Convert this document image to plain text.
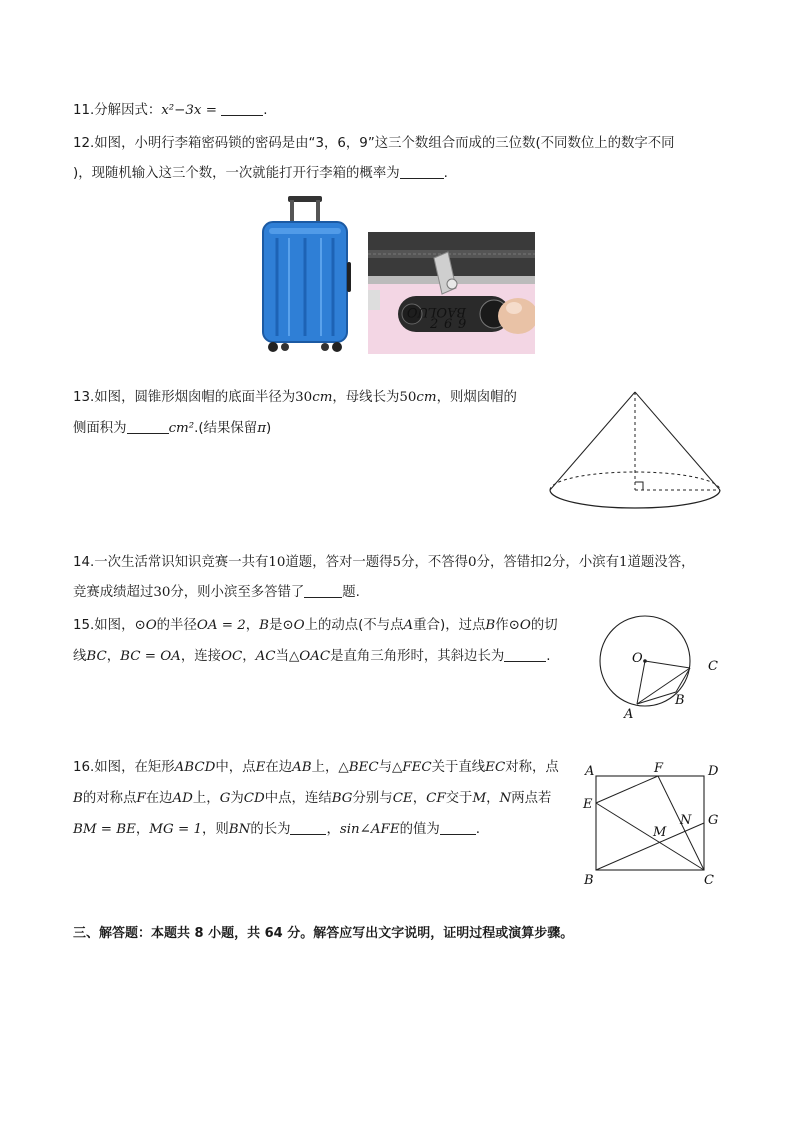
11.分解因式：x²−3x =	.
12.如图，小明行李箱密码锁的密码是由“3，6，9”这三个数组合而成的三位数(不同数位上的数字不同
)，现随机输入这三个数，一次就能打开行李箱的概率为	.
BAOLUO
2 6 9
13.如图，圆锥形烟囱帽的底面半径为30cm，母线长为50cm，则烟囱帽的
侧面积为	cm².(结果保留π)
14.一次生活常识知识竞赛一共有10道题，答对一题得5分，不答得0分，答错扣2分，小滨有1道题没答，
竞赛成绩超过30分，则小滨至多答错了	题.
15.如图，⊙O的半径OA = 2，B是⊙O上的动点(不与点A重合)，过点B作⊙O的切
线BC，BC = OA，连接OC，AC当△OAC是直角三角形时，其斜边长为	.	O
C
B
A
16.如图，在矩形ABCD中，点E在边AB上，△BEC与△FEC关于直线EC对称，点
B的对称点F在边AD上，G为CD中点，连结BG分别与CE，CF交于M，N两点若
BM = BE，MG = 1，则BN的长为	，sin∠AFE的值为	.
A	F	D
E
N G
M
B	C
三、解答题：本题共 8 小题，共 64 分。解答应写出文字说明，证明过程或演算步骤。
